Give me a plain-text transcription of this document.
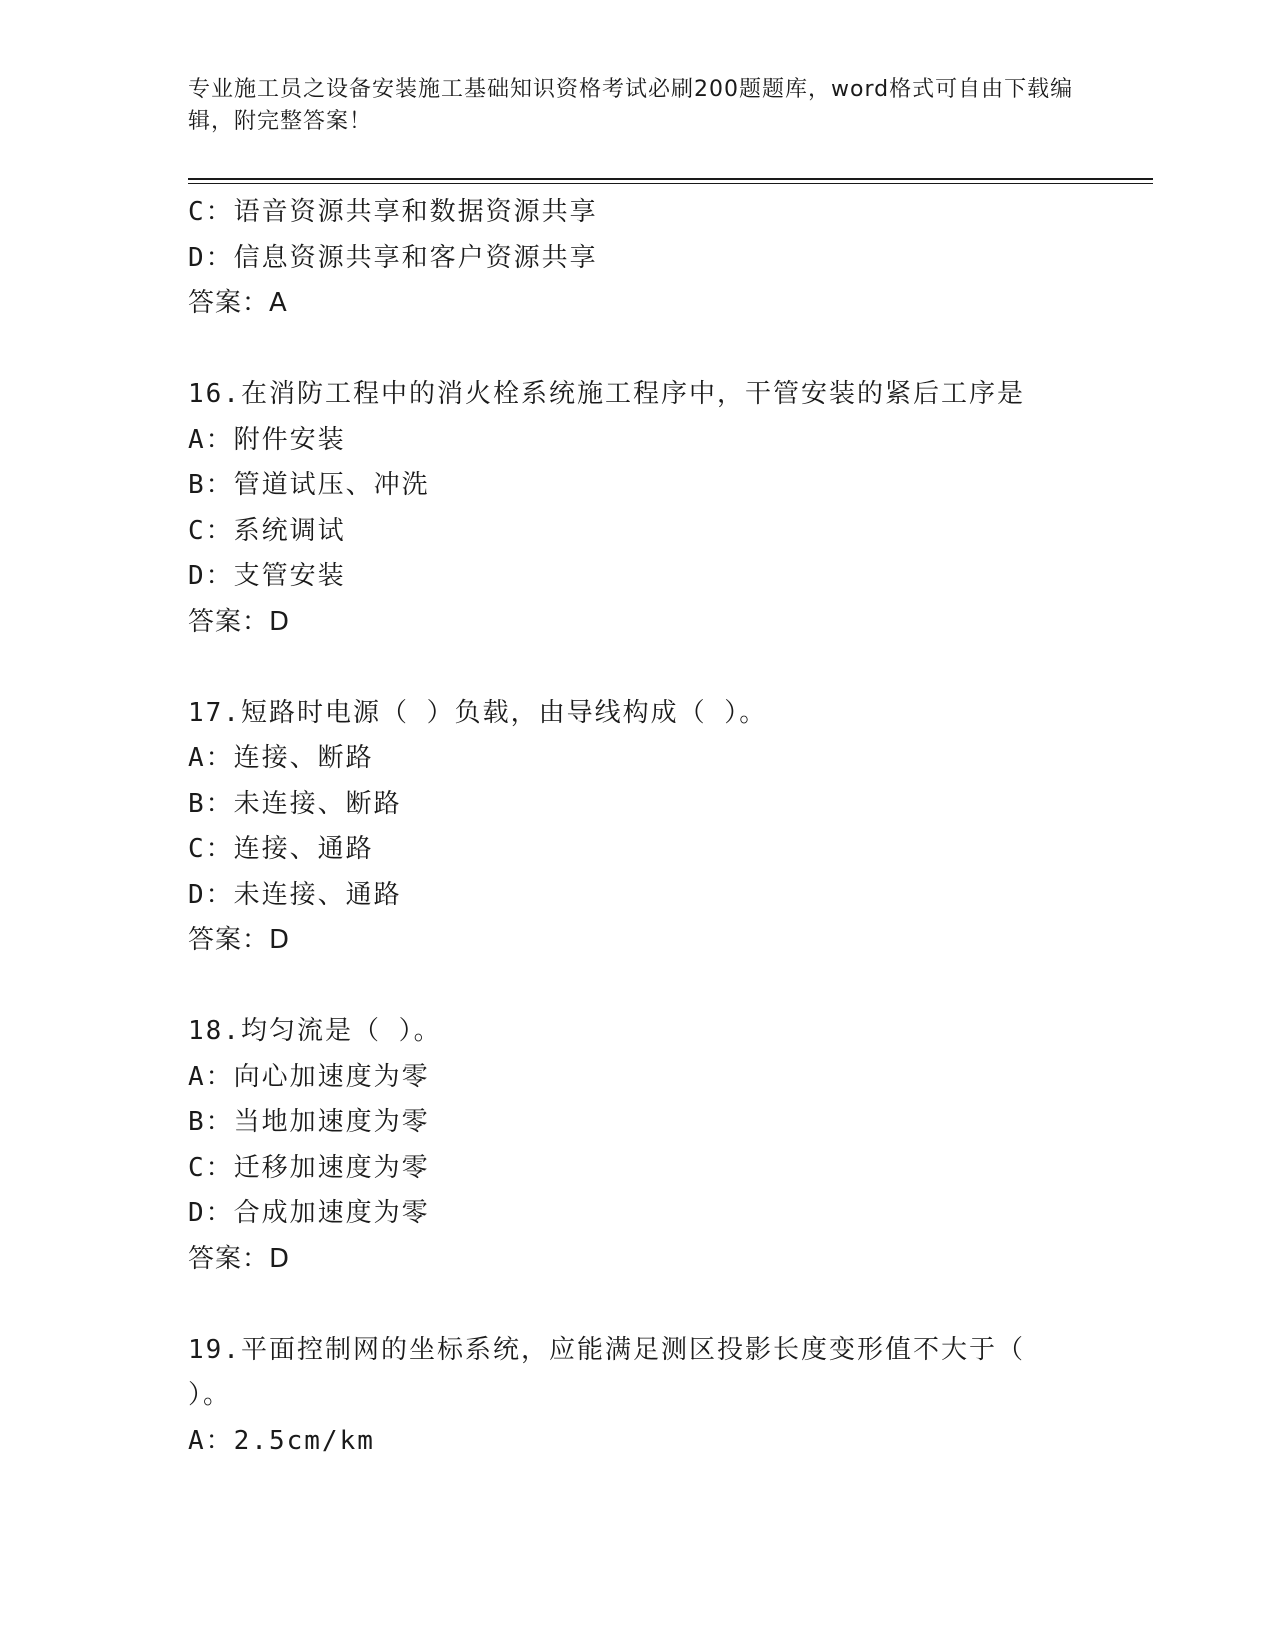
专业施工员之设备安装施工基础知识资格考试必刷200题题库，word格式可自由下载编辑，附完整答案！
C：语音资源共享和数据资源共享
D：信息资源共享和客户资源共享
答案：A
16.在消防工程中的消火栓系统施工程序中，干管安装的紧后工序是
A：附件安装
B：管道试压、冲洗
C：系统调试
D：支管安装
答案：D
17.短路时电源（ ）负载，由导线构成（ ）。
A：连接、断路
B：未连接、断路
C：连接、通路
D：未连接、通路
答案：D
18.均匀流是（ ）。
A：向心加速度为零
B：当地加速度为零
C：迁移加速度为零
D：合成加速度为零
答案：D
19.平面控制网的坐标系统，应能满足测区投影长度变形值不大于（ ）。
A：2.5cm/km
